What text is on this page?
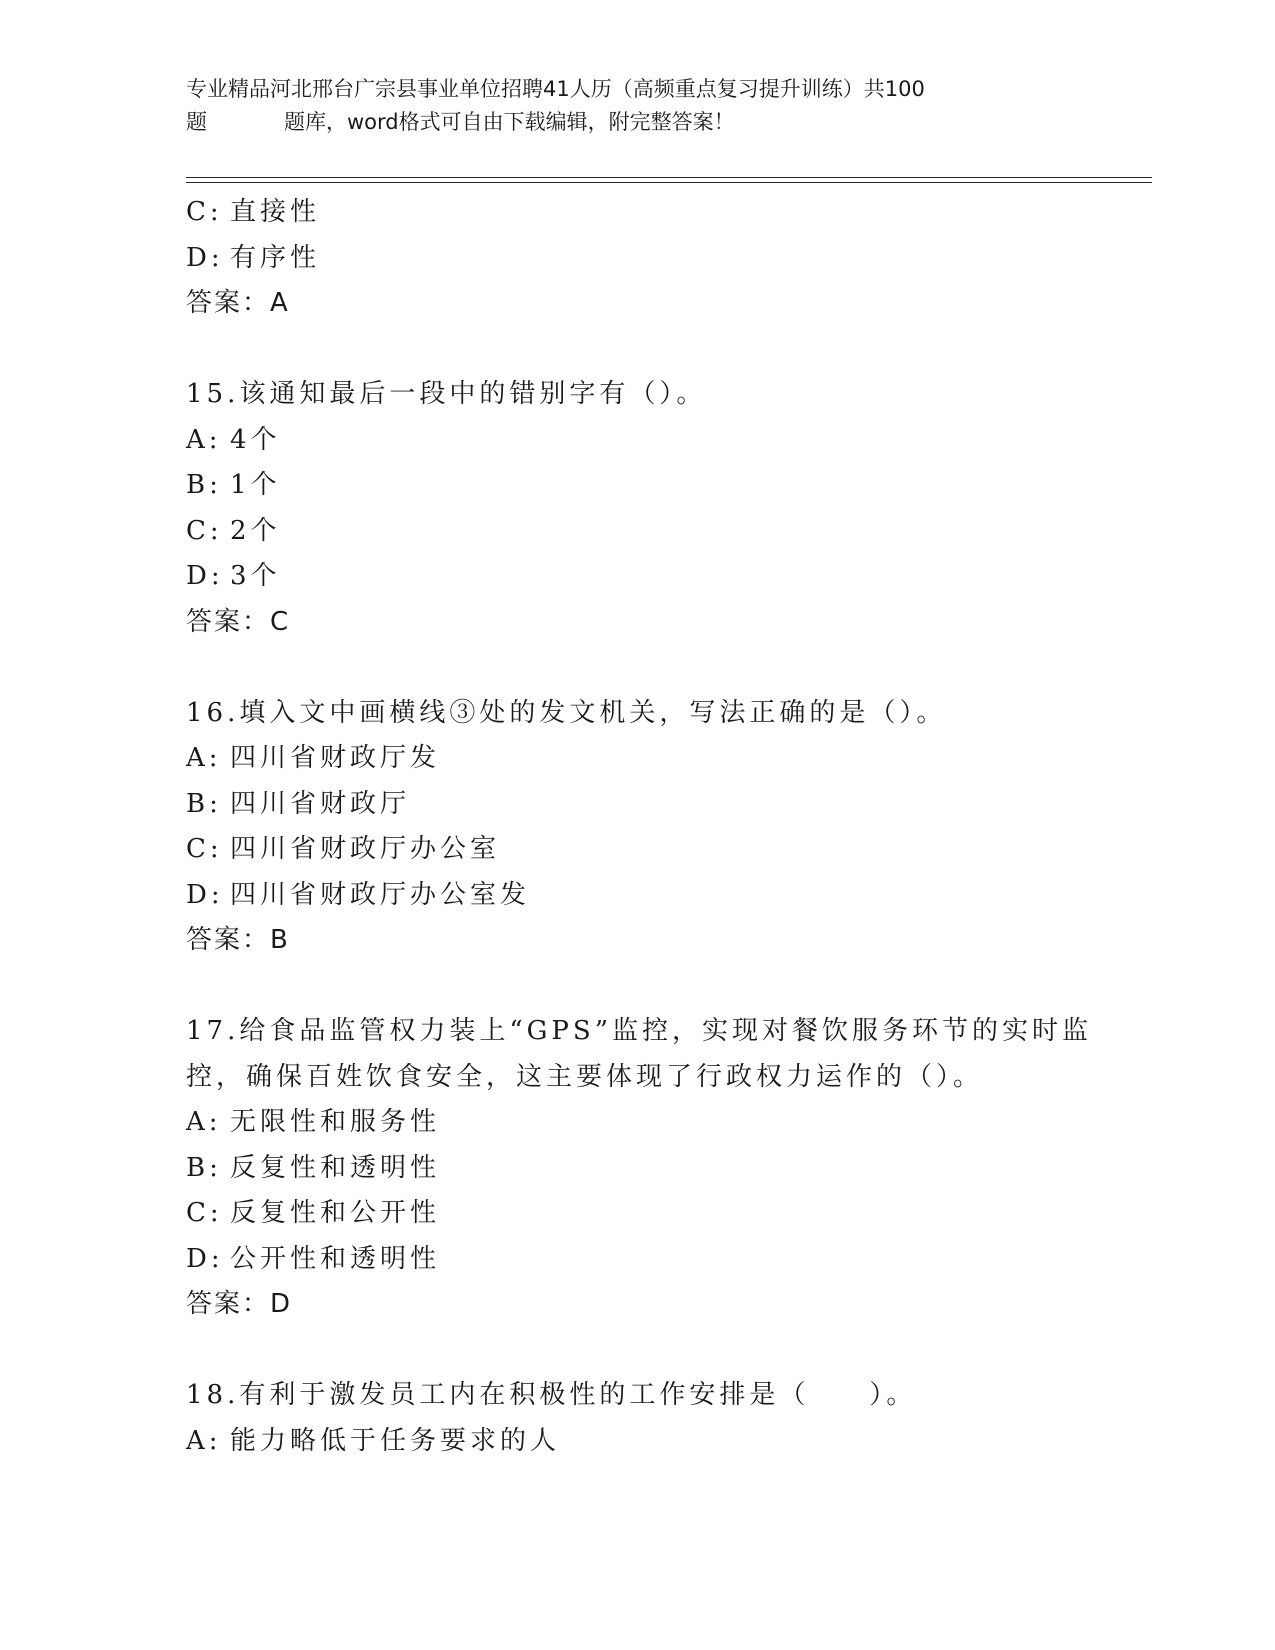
专业精品河北邢台广宗县事业单位招聘41人历（高频重点复习提升训练）共100
题	题库，word格式可自由下载编辑，附完整答案！
C: 直接性
D: 有序性
答案：A
15.该通知最后一段中的错别字有（）。
A: 4个
B: 1个
C: 2个
D: 3个
答案：C
16.填入文中画横线③处的发文机关，写法正确的是（）。
A: 四川省财政厅发
B: 四川省财政厅
C: 四川省财政厅办公室
D: 四川省财政厅办公室发
答案：B
17.给食品监管权力装上“GPS”监控，实现对餐饮服务环节的实时监
控，确保百姓饮食安全，这主要体现了行政权力运作的（）。
A: 无限性和服务性
B: 反复性和透明性
C: 反复性和公开性
D: 公开性和透明性
答案：D
18.有利于激发员工内在积极性的工作安排是（　　）。
A: 能力略低于任务要求的人
